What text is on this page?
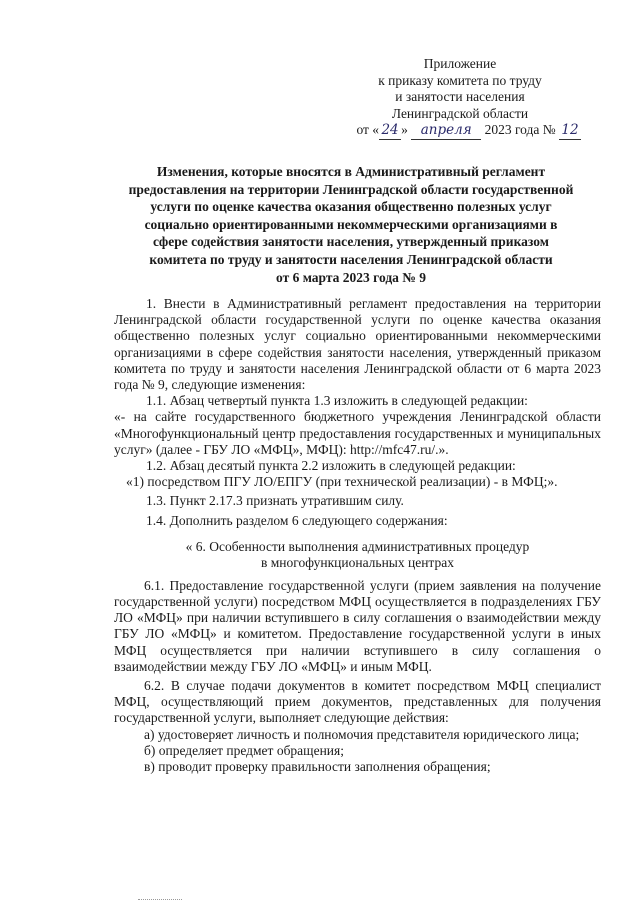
Приложение
к приказу комитета по труду
и занятости населения
Ленинградской области
от « 24 » апреля 2023 года № 12
Изменения, которые вносятся в Административный регламент
предоставления на территории Ленинградской области государственной
услуги по оценке качества оказания общественно полезных услуг
социально ориентированными некоммерческими организациями в
сфере содействия занятости населения, утвержденный приказом
комитета по труду и занятости населения Ленинградской области
от 6 марта 2023 года № 9

1. Внести в Административный регламент предоставления на территории Ленинградской области государственной услуги по оценке качества оказания общественно полезных услуг социально ориентированными некоммерческими организациями в сфере содействия занятости населения, утвержденный приказом комитета по труду и занятости населения Ленинградской области от 6 марта 2023 года № 9, следующие изменения:

1.1. Абзац четвертый пункта 1.3 изложить в следующей редакции:

«- на сайте государственного бюджетного учреждения Ленинградской области «Многофункциональный центр предоставления государственных и муниципальных услуг» (далее - ГБУ ЛО «МФЦ», МФЦ): http://mfc47.ru/.».

1.2. Абзац десятый пункта 2.2 изложить в следующей редакции:

«1) посредством ПГУ ЛО/ЕПГУ (при технической реализации) - в МФЦ;».

1.3. Пункт 2.17.3 признать утратившим силу.

1.4. Дополнить разделом 6 следующего содержания:

« 6. Особенности выполнения административных процедур
в многофункциональных центрах

6.1. Предоставление государственной услуги (прием заявления на получение государственной услуги) посредством МФЦ осуществляется в подразделениях ГБУ ЛО «МФЦ» при наличии вступившего в силу соглашения о взаимодействии между ГБУ ЛО «МФЦ» и комитетом. Предоставление государственной услуги в иных МФЦ осуществляется при наличии вступившего в силу соглашения о взаимодействии между ГБУ ЛО «МФЦ» и иным МФЦ.

6.2. В случае подачи документов в комитет посредством МФЦ специалист МФЦ, осуществляющий прием документов, представленных для получения государственной услуги, выполняет следующие действия:

а) удостоверяет личность и полномочия представителя юридического лица;

б) определяет предмет обращения;

в) проводит проверку правильности заполнения обращения;
